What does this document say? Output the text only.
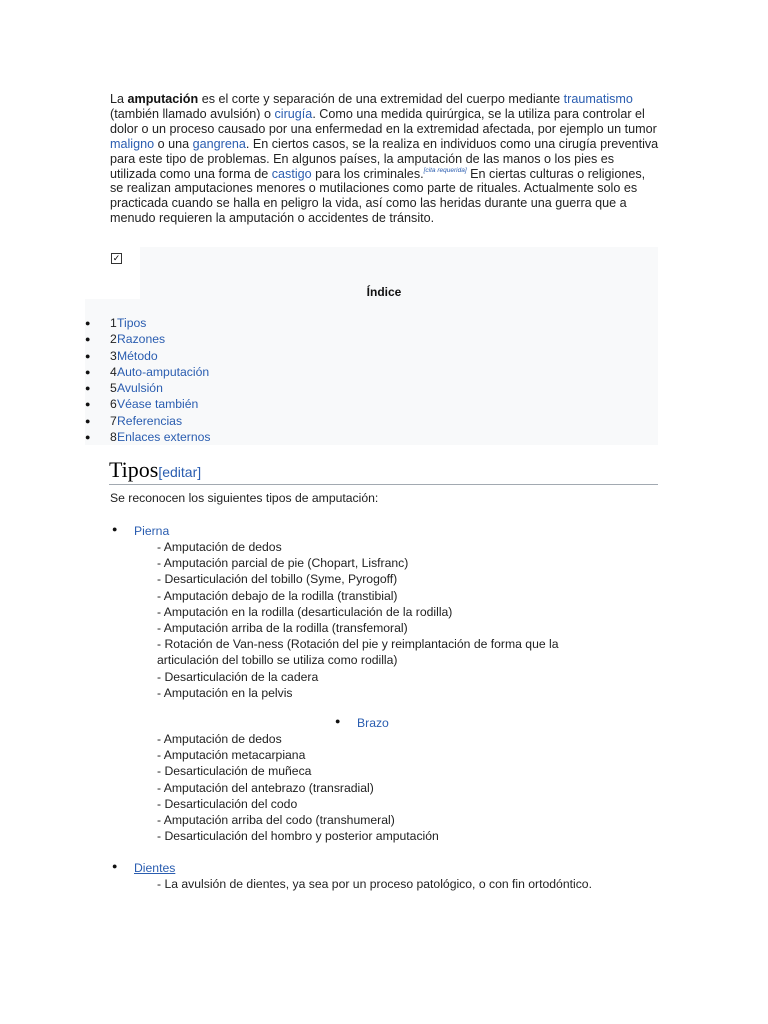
La amputación es el corte y separación de una extremidad del cuerpo mediante traumatismo (también llamado avulsión) o cirugía. Como una medida quirúrgica, se la utiliza para controlar el dolor o un proceso causado por una enfermedad en la extremidad afectada, por ejemplo un tumor maligno o una gangrena. En ciertos casos, se la realiza en individuos como una cirugía preventiva para este tipo de problemas. En algunos países, la amputación de las manos o los pies es utilizada como una forma de castigo para los criminales.[cita requerida] En ciertas culturas o religiones, se realizan amputaciones menores o mutilaciones como parte de rituales. Actualmente solo es practicada cuando se halla en peligro la vida, así como las heridas durante una guerra que a menudo requieren la amputación o accidentes de tránsito.

✓
Índice
●	1 Tipos
●	2 Razones
●	3 Método
●	4 Auto-amputación
●	5 Avulsión
●	6 Véase también
●	7 Referencias
●	8 Enlaces externos
Tipos[editar]

Se reconocen los siguientes tipos de amputación:

● Pierna
- Amputación de dedos
- Amputación parcial de pie (Chopart, Lisfranc)
- Desarticulación del tobillo (Syme, Pyrogoff)
- Amputación debajo de la rodilla (transtibial)
- Amputación en la rodilla (desarticulación de la rodilla)
- Amputación arriba de la rodilla (transfemoral)
- Rotación de Van-ness (Rotación del pie y reimplantación de forma que la
articulación del tobillo se utiliza como rodilla)
- Desarticulación de la cadera
- Amputación en la pelvis
● Brazo
- Amputación de dedos
- Amputación metacarpiana
- Desarticulación de muñeca
- Amputación del antebrazo (transradial)
- Desarticulación del codo
- Amputación arriba del codo (transhumeral)
- Desarticulación del hombro y posterior amputación
● Dientes
- La avulsión de dientes, ya sea por un proceso patológico, o con fin ortodóntico.
